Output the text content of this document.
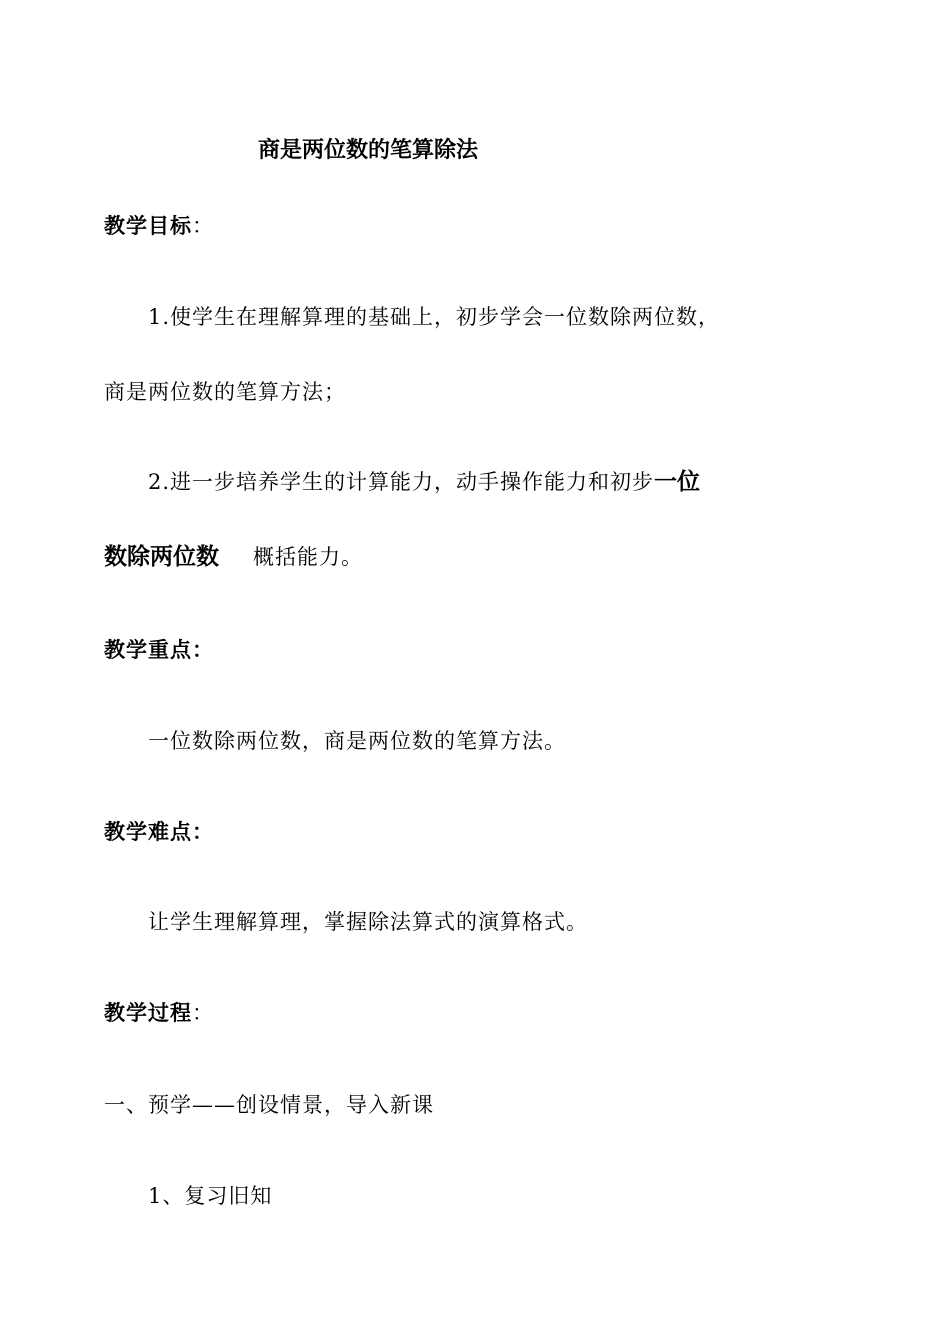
商是两位数的笔算除法
教学目标：
1.使学生在理解算理的基础上，初步学会一位数除两位数，
商是两位数的笔算方法；
2.进一步培养学生的计算能力，动手操作能力和初步一位
数除两位数 概括能力。
教学重点：
一位数除两位数，商是两位数的笔算方法。
教学难点：
让学生理解算理，掌握除法算式的演算格式。
教学过程：
一、预学——创设情景，导入新课
1、复习旧知
